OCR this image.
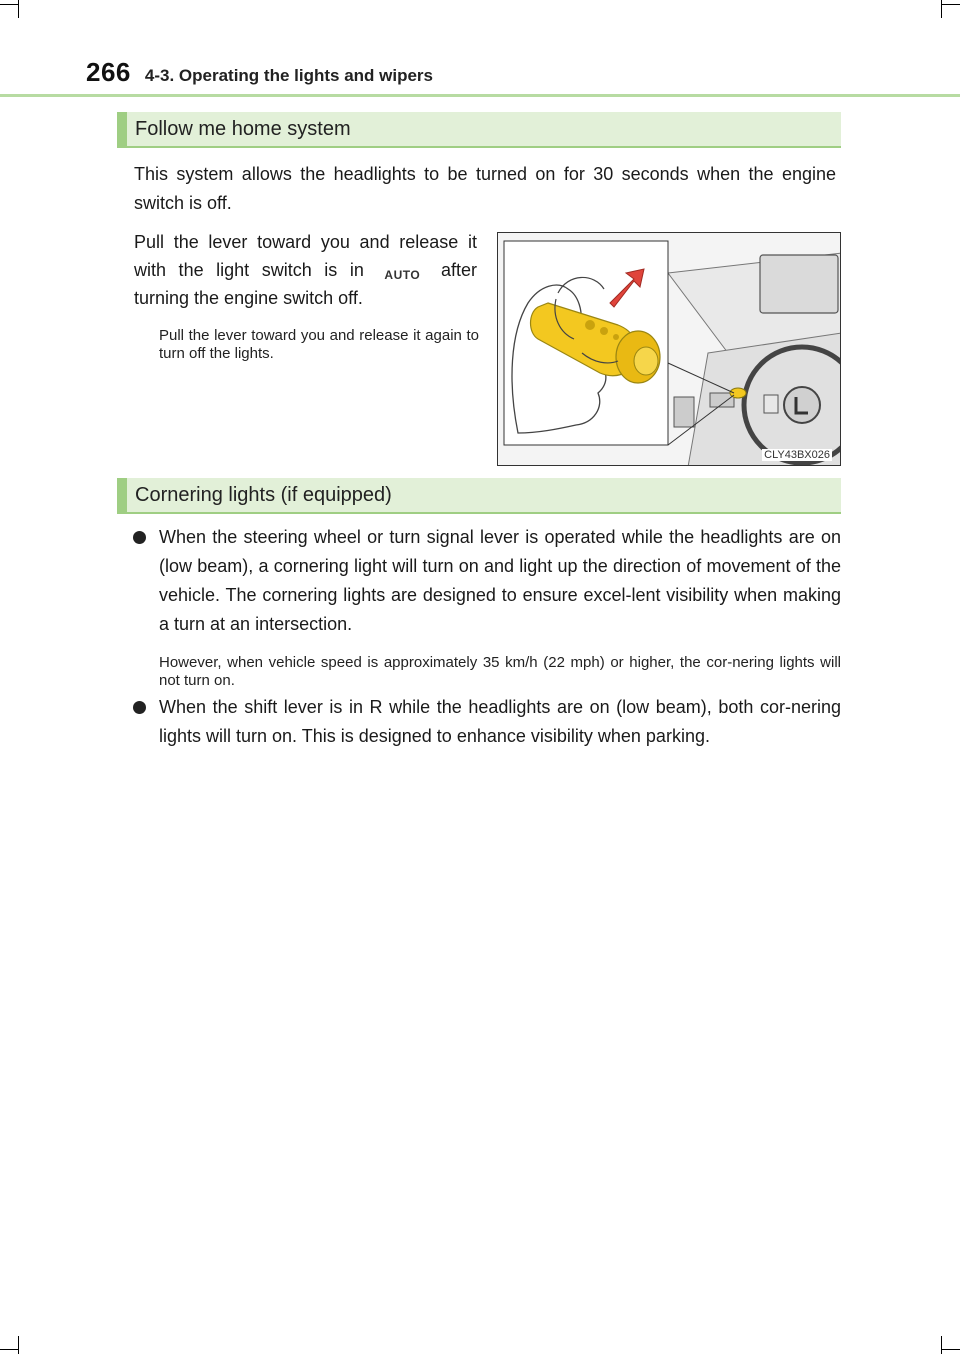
266 4-3. Operating the lights and wipers
Follow me home system
This system allows the headlights to be turned on for 30 seconds when the engine switch is off.
Pull the lever toward you and release it with the light switch is in AUTO after turning the engine switch off.
Pull the lever toward you and release it again to turn off the lights.
CLY43BX026
Cornering lights (if equipped)
When the steering wheel or turn signal lever is operated while the headlights are on (low beam), a cornering light will turn on and light up the direction of movement of the vehicle. The cornering lights are designed to ensure excel-lent visibility when making a turn at an intersection.
However, when vehicle speed is approximately 35 km/h (22 mph) or higher, the cor-nering lights will not turn on.
When the shift lever is in R while the headlights are on (low beam), both cor-nering lights will turn on. This is designed to enhance visibility when parking.
